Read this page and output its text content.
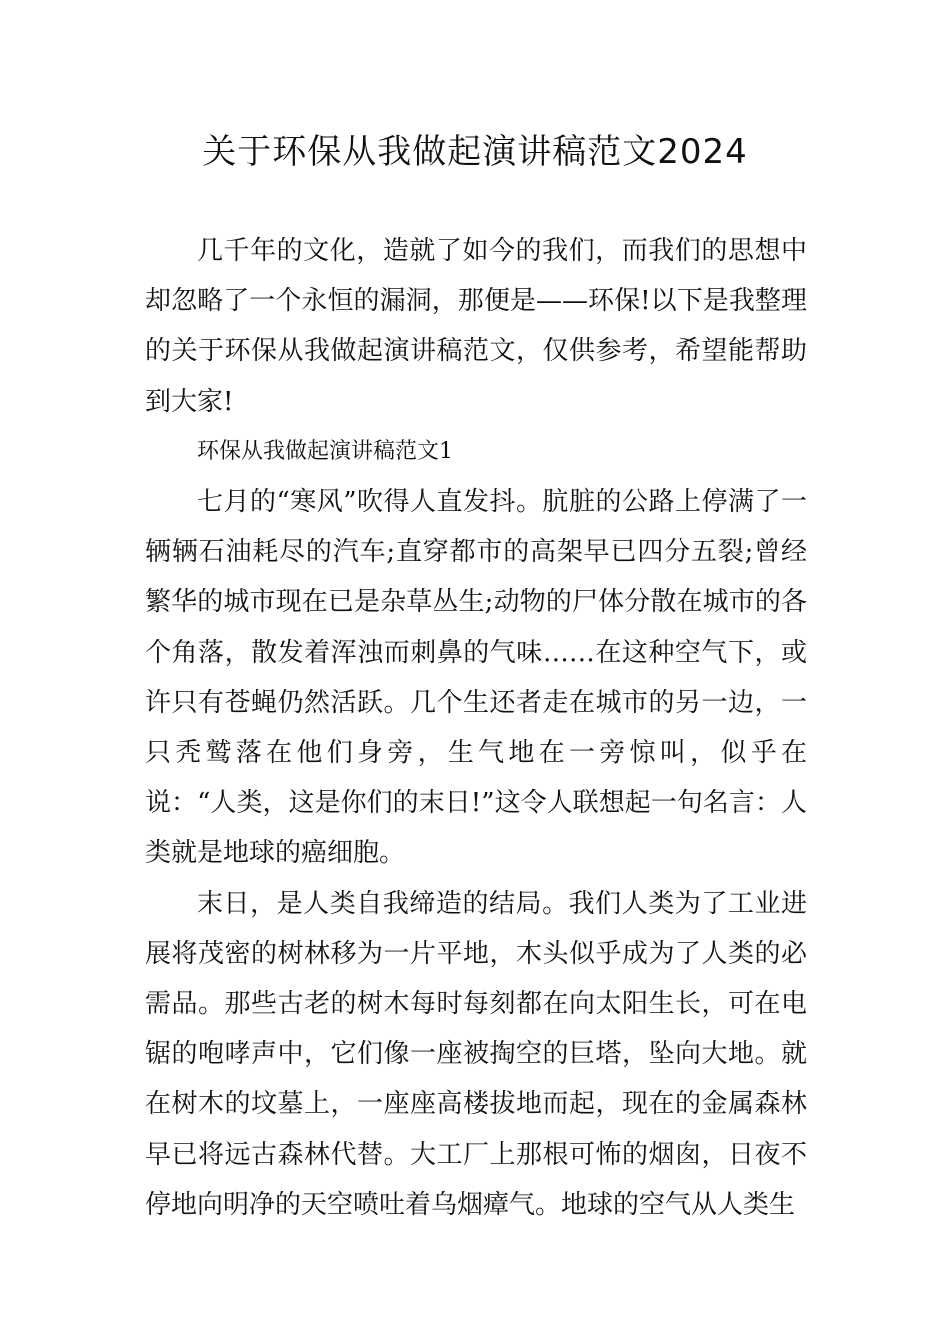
关于环保从我做起演讲稿范文2024

几千年的文化，造就了如今的我们，而我们的思想中却忽略了一个永恒的漏洞，那便是——环保!以下是我整理的关于环保从我做起演讲稿范文，仅供参考，希望能帮助到大家!

环保从我做起演讲稿范文1

七月的“寒风”吹得人直发抖。肮脏的公路上停满了一辆辆石油耗尽的汽车;直穿都市的高架早已四分五裂;曾经繁华的城市现在已是杂草丛生;动物的尸体分散在城市的各个角落，散发着浑浊而刺鼻的气味……在这种空气下，或许只有苍蝇仍然活跃。几个生还者走在城市的另一边，一只秃鹫落在他们身旁，生气地在一旁惊叫，似乎在说：“人类，这是你们的末日!”这令人联想起一句名言：人类就是地球的癌细胞。

末日，是人类自我缔造的结局。我们人类为了工业进展将茂密的树林移为一片平地，木头似乎成为了人类的必需品。那些古老的树木每时每刻都在向太阳生长，可在电锯的咆哮声中，它们像一座被掏空的巨塔，坠向大地。就在树木的坟墓上，一座座高楼拔地而起，现在的金属森林早已将远古森林代替。大工厂上那根可怖的烟囱，日夜不停地向明净的天空喷吐着乌烟瘴气。地球的空气从人类生
